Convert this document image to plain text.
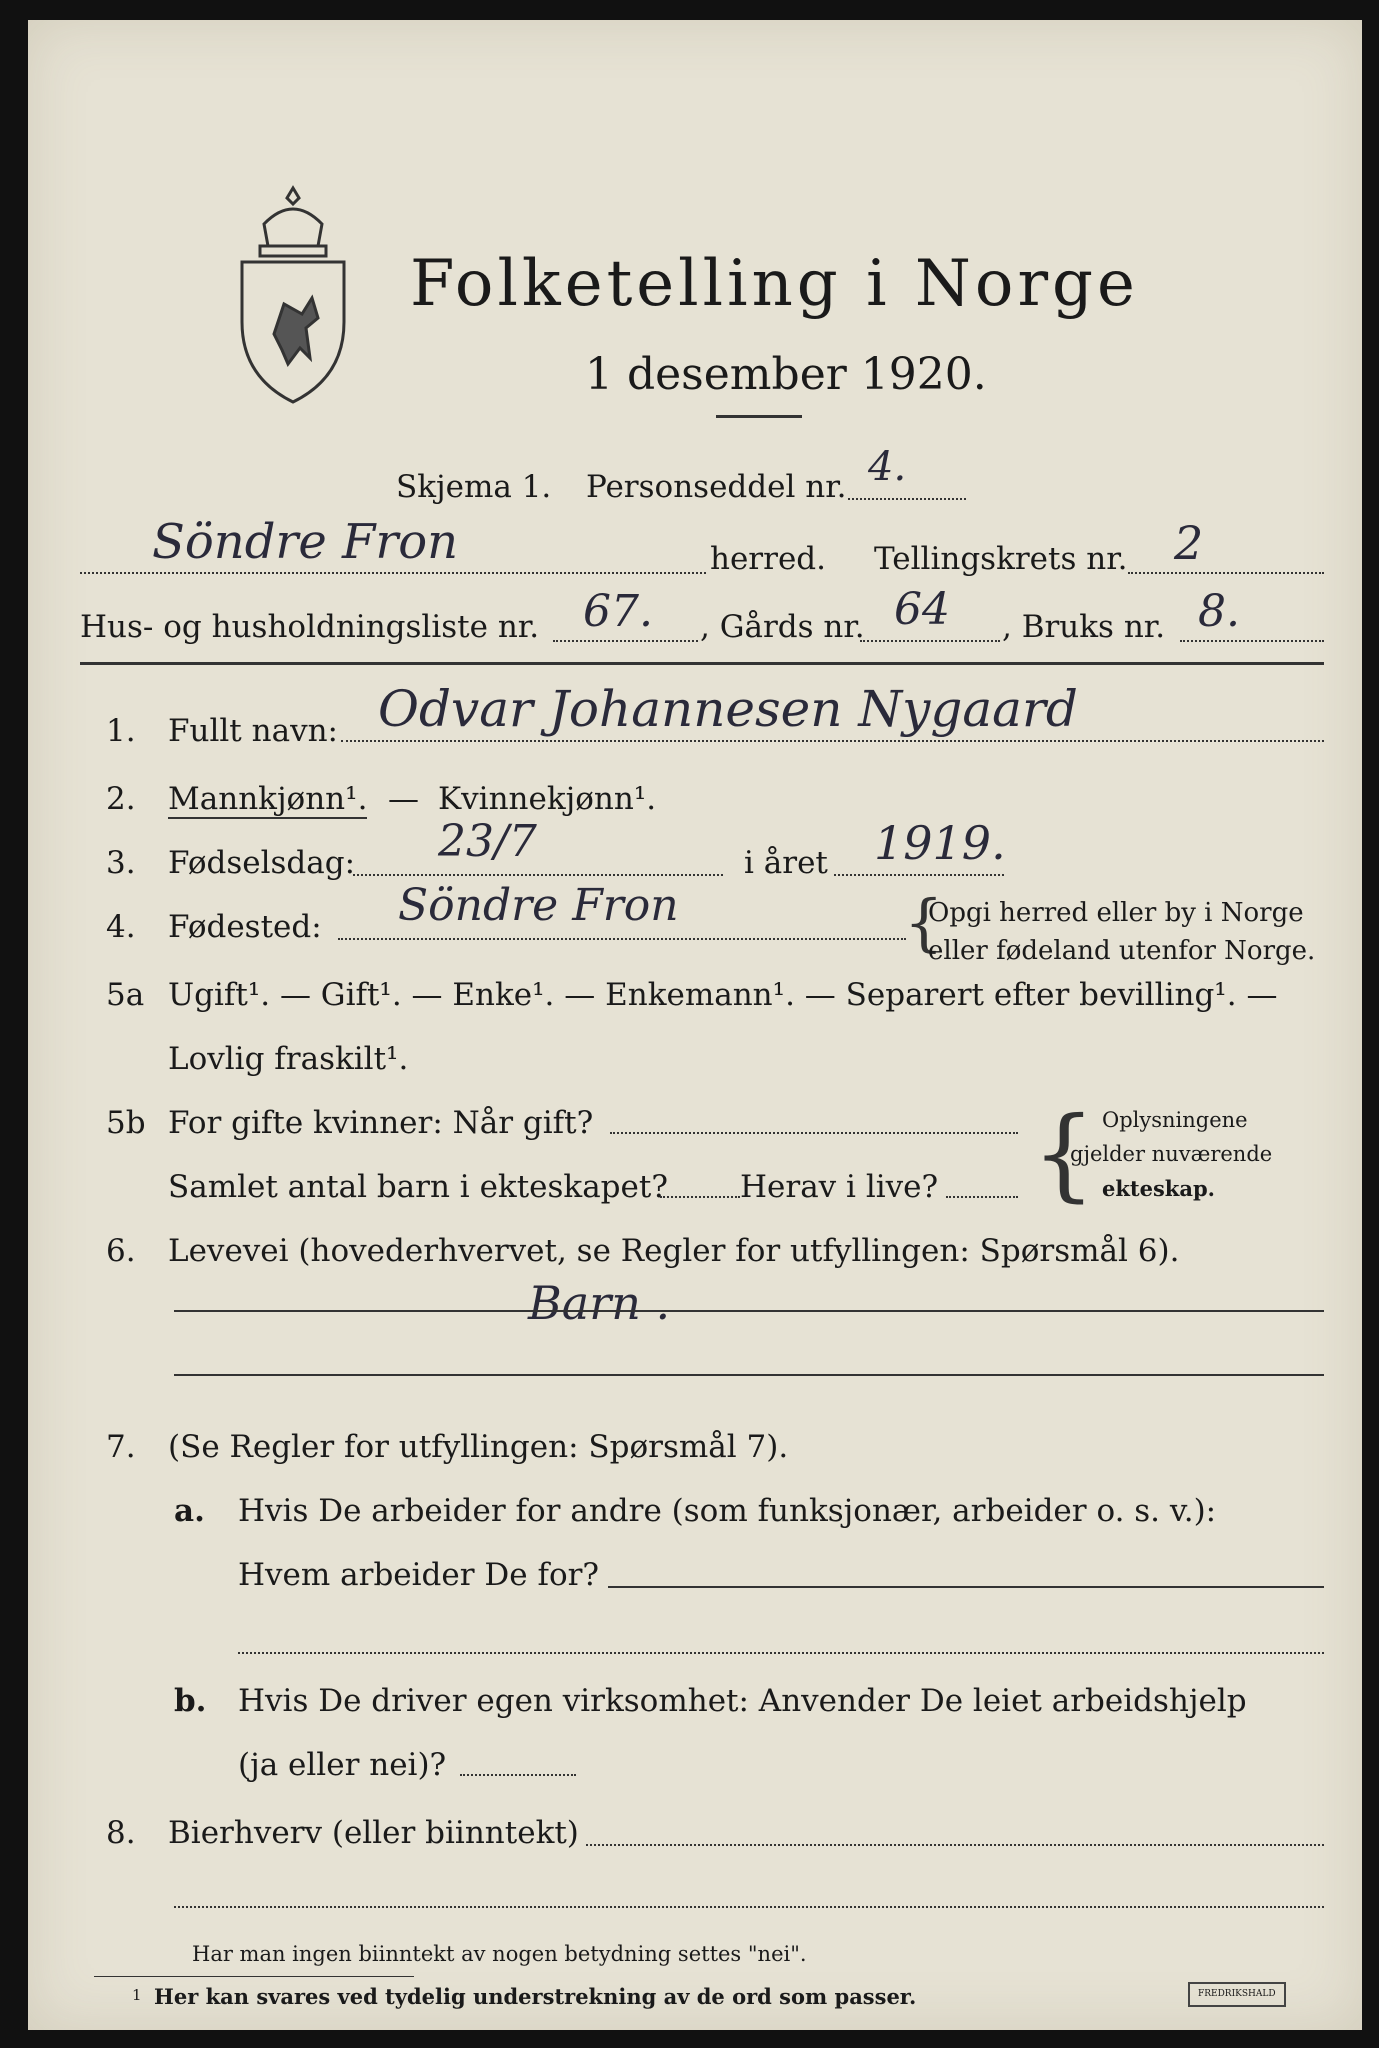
Folketelling i Norge
1 desember 1920.
Skjema 1. Personseddel nr. 4.
Söndre Fron	herred. Tellingskrets nr. 2
Hus- og husholdningsliste nr. 67. , Gårds nr. 64 , Bruks nr. 8.
1. Fullt navn: Odvar Johannesen Nygaard
2. Mannkjønn¹. — Kvinnekjønn¹.
3. Fødselsdag: 23/7	i året 1919.
4. Fødested: Söndre Fron	{
Opgi herred eller by i Norge
eller fødeland utenfor Norge.
5a Ugift¹. — Gift¹. — Enke¹. — Enkemann¹. — Separert efter bevilling¹. —
Lovlig fraskilt¹.
5b For gifte kvinner: Når gift?
Samlet antal barn i ekteskapet? Herav i live? { Oplysningene
gjelder nuværende
ekteskap.
6. Levevei (hovederhvervet, se Regler for utfyllingen: Spørsmål 6).
Barn .
7. (Se Regler for utfyllingen: Spørsmål 7).
a. Hvis De arbeider for andre (som funksjonær, arbeider o. s. v.):
Hvem arbeider De for?
b. Hvis De driver egen virksomhet: Anvender De leiet arbeidshjelp
(ja eller nei)?
8. Bierhverv (eller biinntekt)
Har man ingen biinntekt av nogen betydning settes "nei".
1 Her kan svares ved tydelig understrekning av de ord som passer.	FREDRIKSHALD
